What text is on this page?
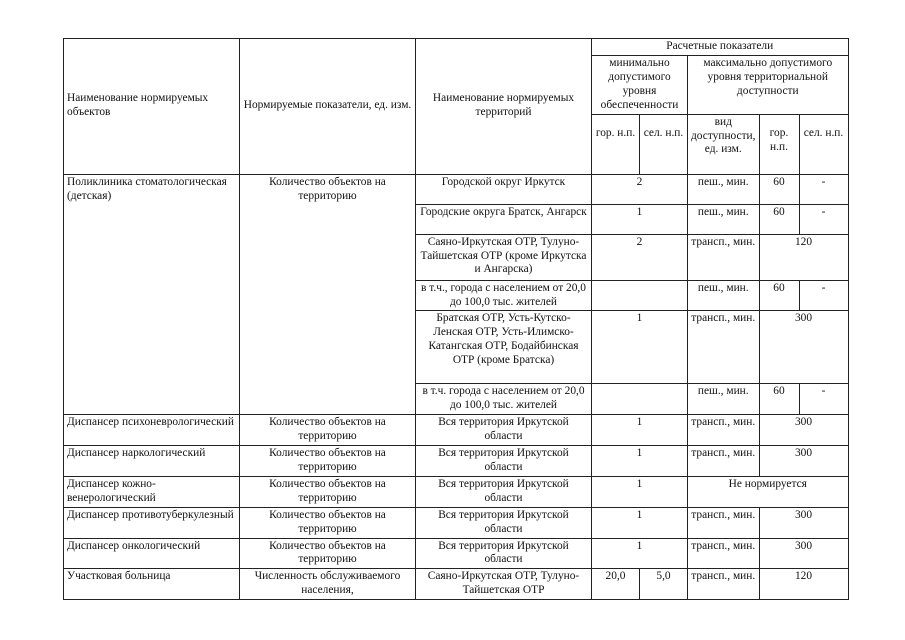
Наименование нормируемых объектов	Нормируемые показатели, ед. изм.	Наименование нормируемых территорий	Расчетные показатели				
			минимально допустимого уровня обеспеченности		максимально допустимого уровня территориальной доступности		
			гор. н.п.	сел. н.п.	вид доступности, ед. изм.	гор. н.п.	сел. н.п.
Поликлиника стоматологическая (детская)	Количество объектов на территорию	Городской округ Иркутск	2		пеш., мин.	60	-
		Городские округа Братск, Ангарск	1		пеш., мин.	60	-
		Саяно-Иркутская ОТР, Тулуно-Тайшетская ОТР (кроме Иркутска и Ангарска)	2		трансп., мин.	120	
		в т.ч., города с населением от 20,0 до 100,0 тыс. жителей			пеш., мин.	60	-
		Братская ОТР, Усть-Кутско-Ленская ОТР, Усть-Илимско-Катангская ОТР, Бодайбинская ОТР (кроме Братска)	1		трансп., мин.	300	
		в т.ч. города с населением от 20,0 до 100,0 тыс. жителей			пеш., мин.	60	-
Диспансер психоневрологический	Количество объектов на территорию	Вся территория Иркутской области	1		трансп., мин.	300	
Диспансер наркологический	Количество объектов на территорию	Вся территория Иркутской области	1		трансп., мин.	300	
Диспансер кожно-венерологический	Количество объектов на территорию	Вся территория Иркутской области	1		Не нормируется		
Диспансер противотуберкулезный	Количество объектов на территорию	Вся территория Иркутской области	1		трансп., мин.	300	
Диспансер онкологический	Количество объектов на территорию	Вся территория Иркутской области	1		трансп., мин.	300	
Участковая больница	Численность обслуживаемого населения,	Саяно-Иркутская ОТР, Тулуно-Тайшетская ОТР	20,0	5,0	трансп., мин.	120	
